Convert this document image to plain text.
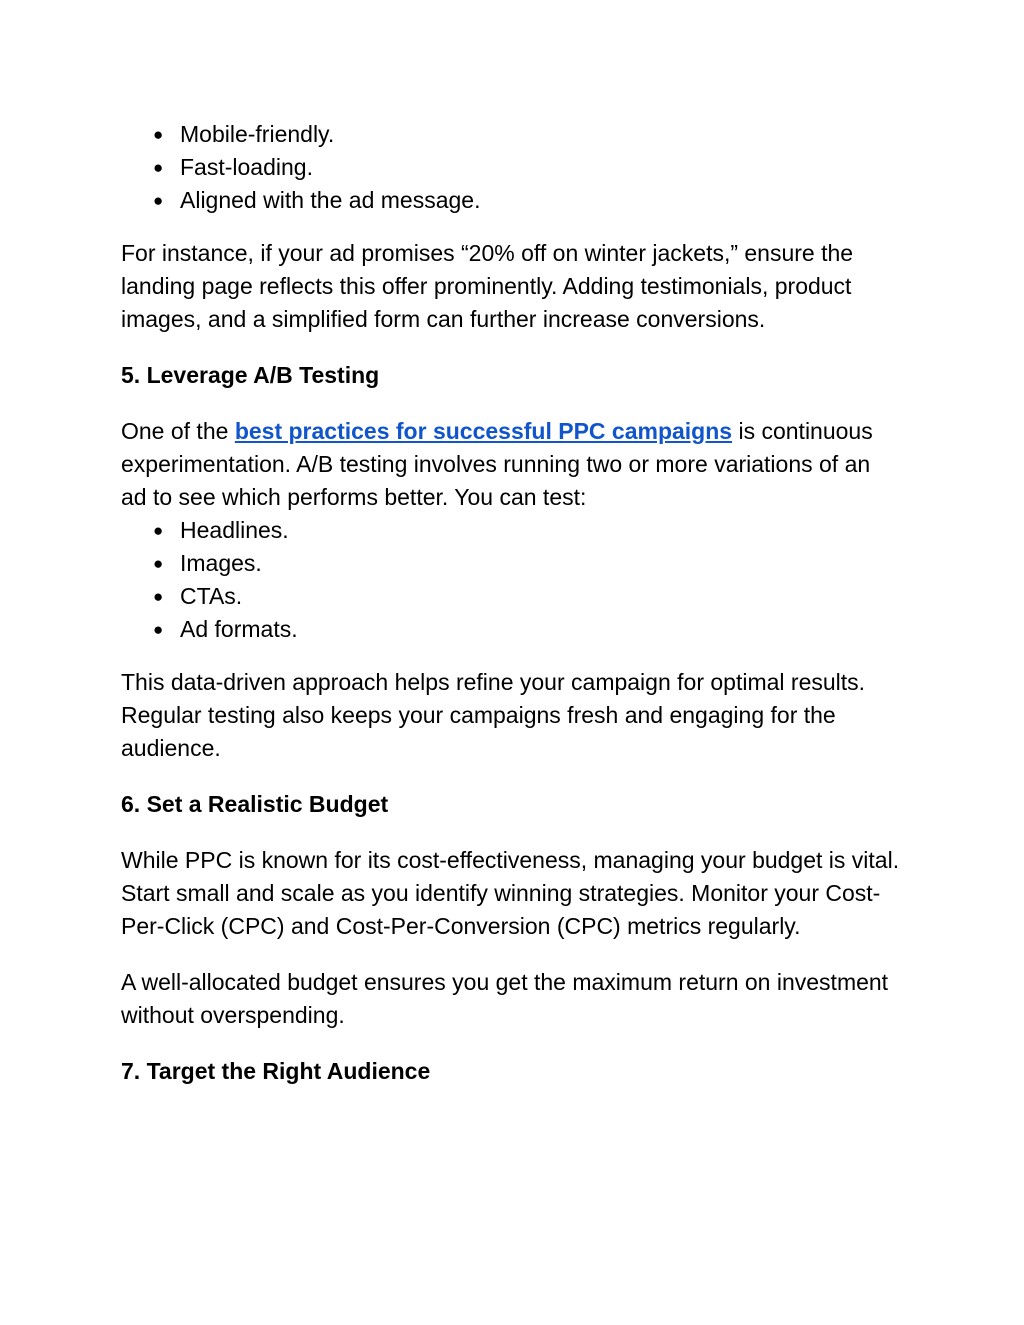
● Mobile-friendly.
● Fast-loading.
● Aligned with the ad message.

For instance, if your ad promises “20% off on winter jackets,” ensure the landing page reflects this offer prominently. Adding testimonials, product images, and a simplified form can further increase conversions.

5. Leverage A/B Testing

One of the best practices for successful PPC campaigns is continuous experimentation. A/B testing involves running two or more variations of an ad to see which performs better. You can test:

● Headlines.
● Images.
● CTAs.
● Ad formats.

This data-driven approach helps refine your campaign for optimal results. Regular testing also keeps your campaigns fresh and engaging for the audience.

6. Set a Realistic Budget

While PPC is known for its cost-effectiveness, managing your budget is vital. Start small and scale as you identify winning strategies. Monitor your Cost-Per-Click (CPC) and Cost-Per-Conversion (CPC) metrics regularly.

A well-allocated budget ensures you get the maximum return on investment without overspending.

7. Target the Right Audience
